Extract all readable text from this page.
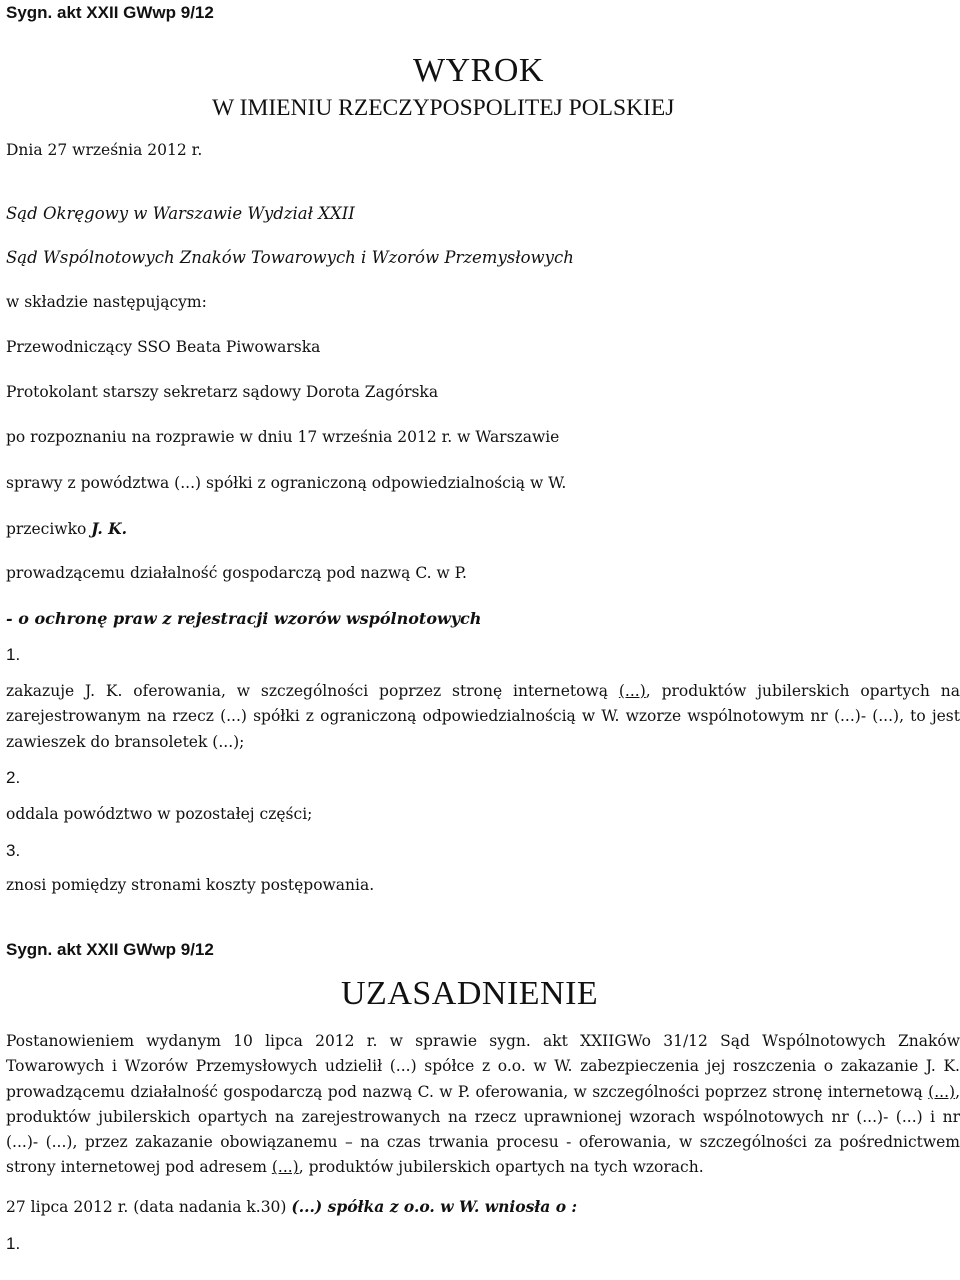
Sygn. akt XXII GWwp 9/12
WYROK
W IMIENIU RZECZYPOSPOLITEJ POLSKIEJ
Dnia 27 września 2012 r.
Sąd Okręgowy w Warszawie Wydział XXII
Sąd Wspólnotowych Znaków Towarowych i Wzorów Przemysłowych
w składzie następującym:
Przewodniczący SSO Beata Piwowarska
Protokolant starszy sekretarz sądowy Dorota Zagórska
po rozpoznaniu na rozprawie w dniu 17 września 2012 r. w Warszawie
sprawy z powództwa (...) spółki z ograniczoną odpowiedzialnością w W.
przeciwko J. K.
prowadzącemu działalność gospodarczą pod nazwą C. w P.
- o ochronę praw z rejestracji wzorów wspólnotowych
1.
zakazuje J. K. oferowania, w szczególności poprzez stronę internetową (...), produktów jubilerskich opartych na zarejestrowanym na rzecz (...) spółki z ograniczoną odpowiedzialnością w W. wzorze wspólnotowym nr (...)- (...), to jest zawieszek do bransoletek (...);
2.
oddala powództwo w pozostałej części;
3.
znosi pomiędzy stronami koszty postępowania.
Sygn. akt XXII GWwp 9/12
UZASADNIENIE
Postanowieniem wydanym 10 lipca 2012 r. w sprawie sygn. akt XXIIGWo 31/12 Sąd Wspólnotowych Znaków Towarowych i Wzorów Przemysłowych udzielił (...) spółce z o.o. w W. zabezpieczenia jej roszczenia o zakazanie J. K. prowadzącemu działalność gospodarczą pod nazwą C. w P. oferowania, w szczególności poprzez stronę internetową (...), produktów jubilerskich opartych na zarejestrowanych na rzecz uprawnionej wzorach wspólnotowych nr (...)- (...) i nr (...)- (...), przez zakazanie obowiązanemu – na czas trwania procesu - oferowania, w szczególności za pośrednictwem strony internetowej pod adresem (...), produktów jubilerskich opartych na tych wzorach.
27 lipca 2012 r. (data nadania k.30) (...) spółka z o.o. w W. wniosła o :
1.
